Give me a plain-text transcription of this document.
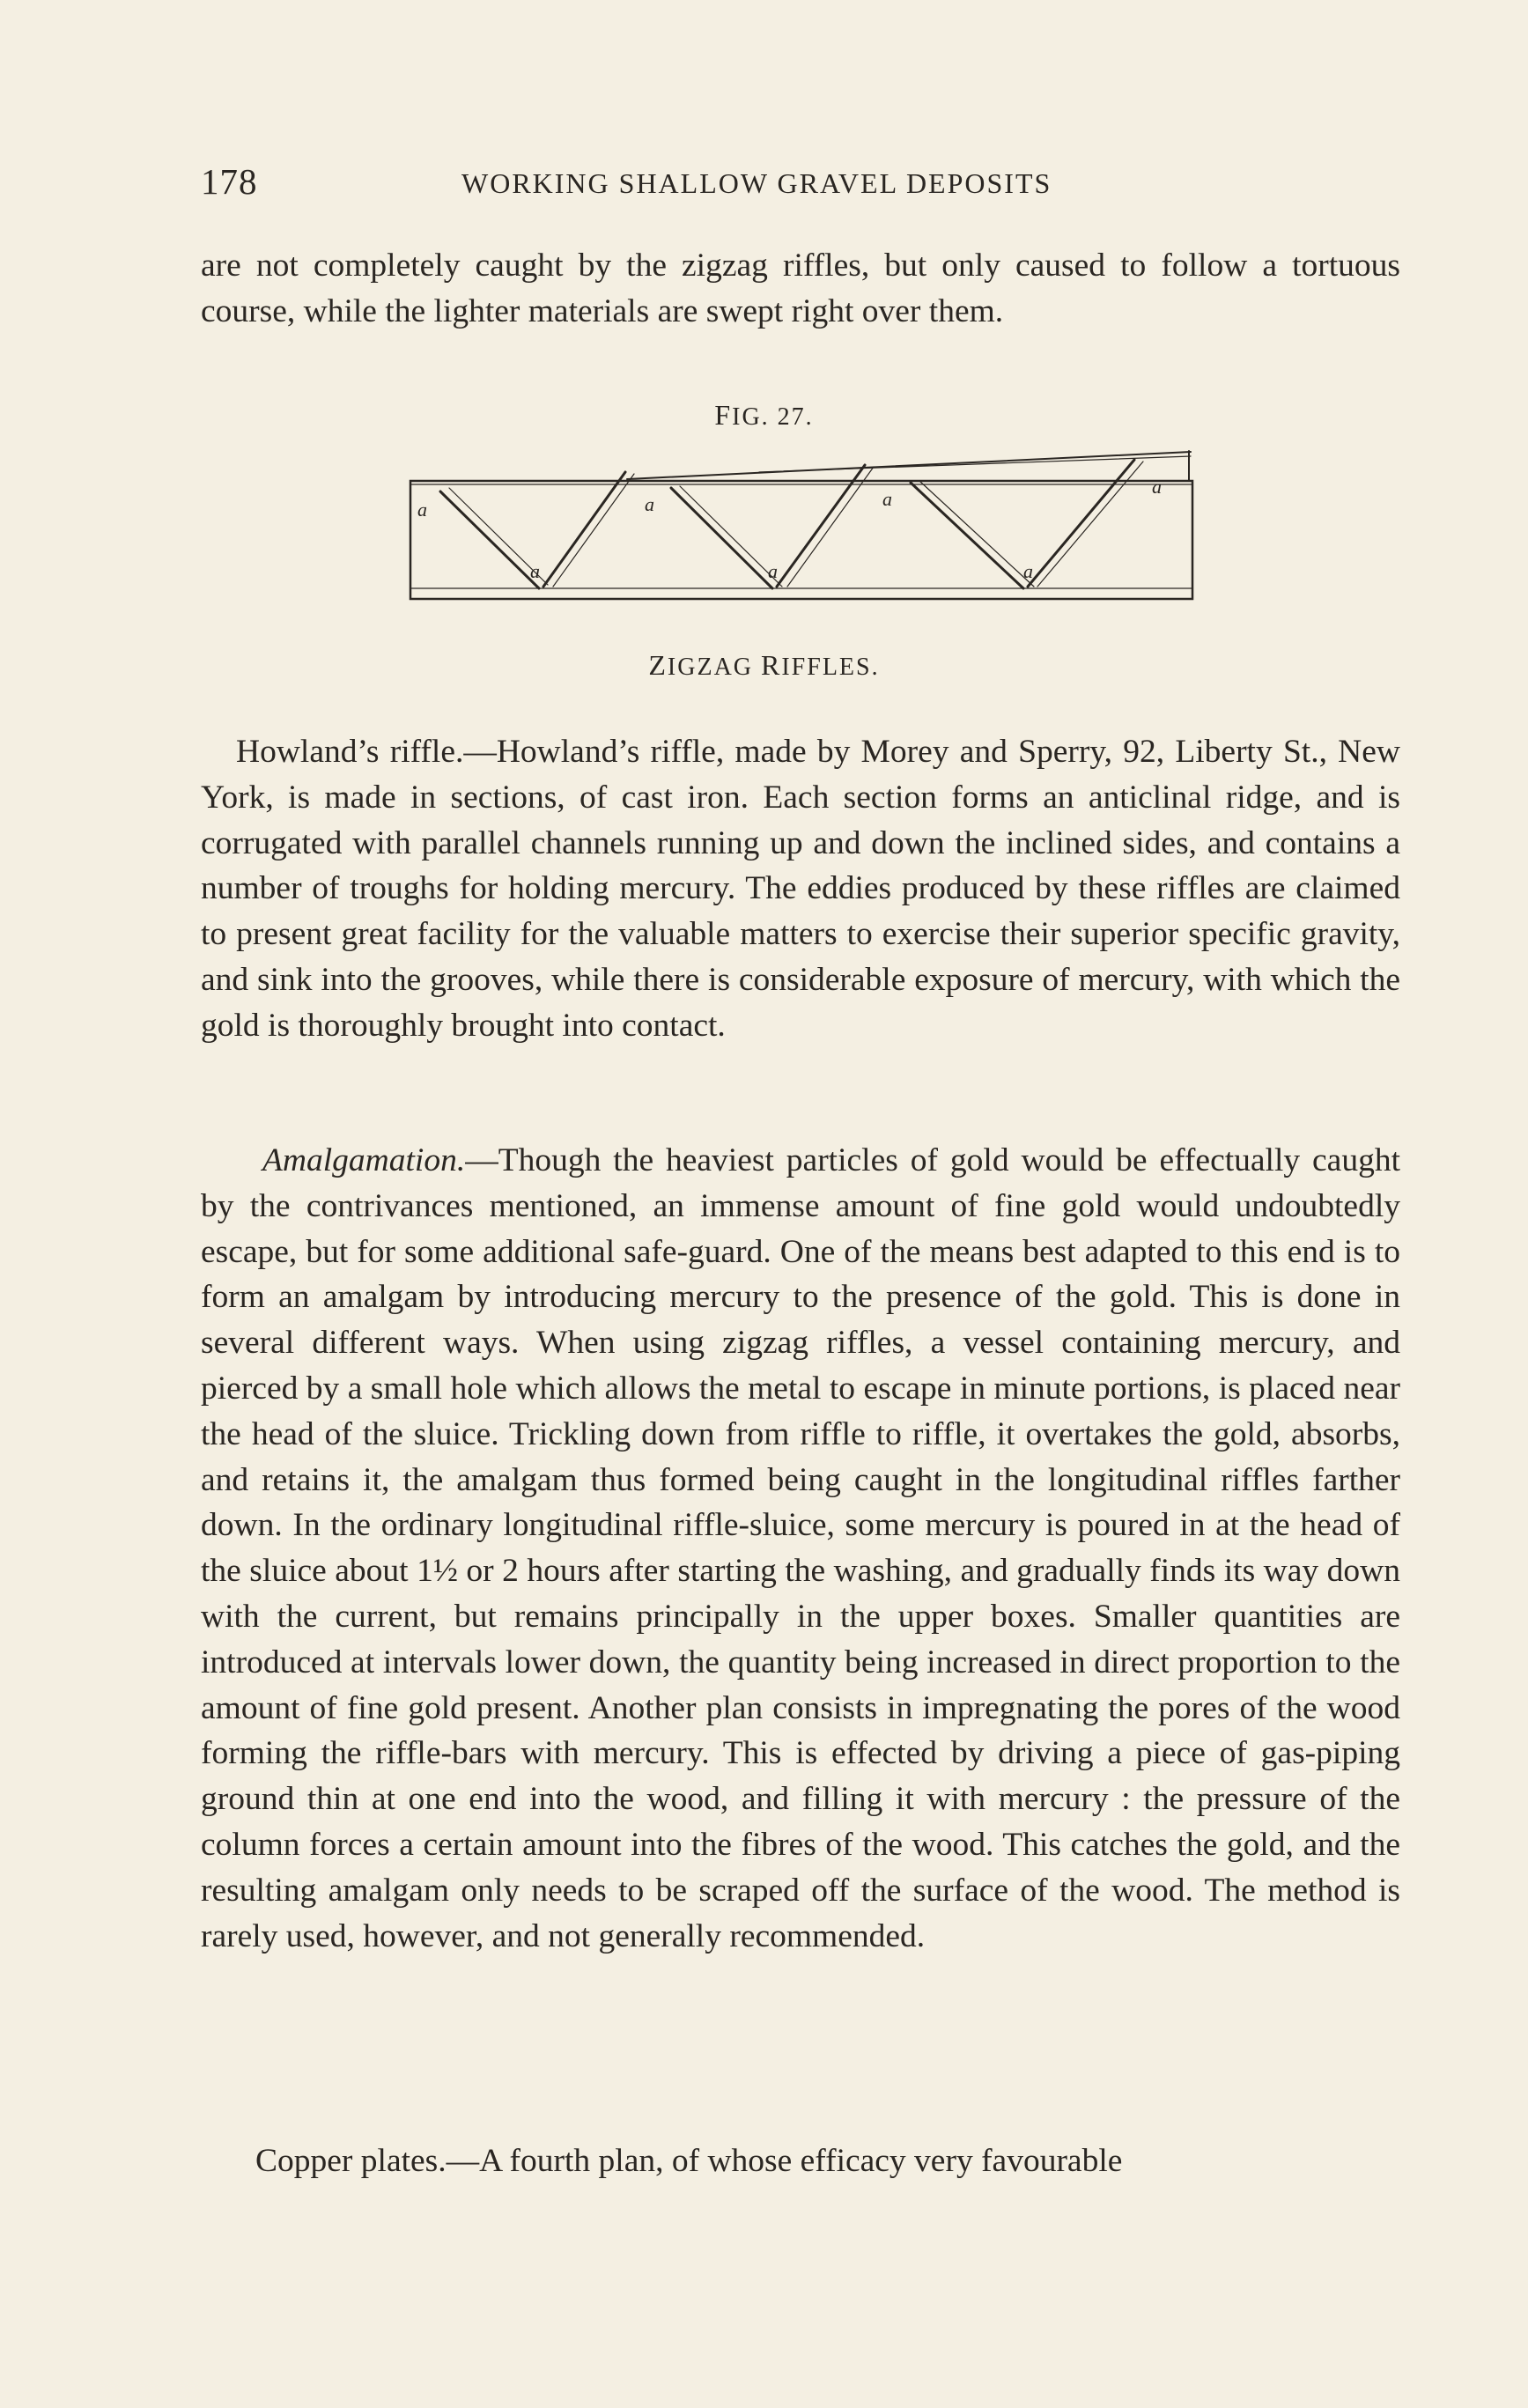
178	WORKING SHALLOW GRAVEL DEPOSITS

are not completely caught by the zigzag riffles, but only caused to follow a tortuous course, while the lighter materials are swept right over them.

FIG. 27.
a
a
a
a
a
a
a
ZIGZAG RIFFLES.

Howland’s riffle.—Howland’s riffle, made by Morey and Sperry, 92, Liberty St., New York, is made in sections, of cast iron. Each section forms an anticlinal ridge, and is corrugated with parallel channels running up and down the inclined sides, and contains a number of troughs for holding mercury. The eddies produced by these riffles are claimed to present great facility for the valuable matters to exercise their superior specific gravity, and sink into the grooves, while there is considerable exposure of mercury, with which the gold is thoroughly brought into contact.

Amalgamation.—Though the heaviest particles of gold would be effectually caught by the contrivances mentioned, an immense amount of fine gold would undoubtedly escape, but for some additional safe-guard. One of the means best adapted to this end is to form an amalgam by introducing mercury to the presence of the gold. This is done in several different ways. When using zigzag riffles, a vessel containing mercury, and pierced by a small hole which allows the metal to escape in minute portions, is placed near the head of the sluice. Trickling down from riffle to riffle, it overtakes the gold, absorbs, and retains it, the amalgam thus formed being caught in the longitudinal riffles farther down. In the ordinary longitudinal riffle-sluice, some mercury is poured in at the head of the sluice about 1½ or 2 hours after starting the washing, and gradually finds its way down with the current, but remains principally in the upper boxes. Smaller quantities are introduced at intervals lower down, the quantity being increased in direct proportion to the amount of fine gold present. Another plan consists in impregnating the pores of the wood forming the riffle-bars with mercury. This is effected by driving a piece of gas-piping ground thin at one end into the wood, and filling it with mercury : the pressure of the column forces a certain amount into the fibres of the wood. This catches the gold, and the resulting amalgam only needs to be scraped off the surface of the wood. The method is rarely used, however, and not generally recommended.

Copper plates.—A fourth plan, of whose efficacy very favourable
